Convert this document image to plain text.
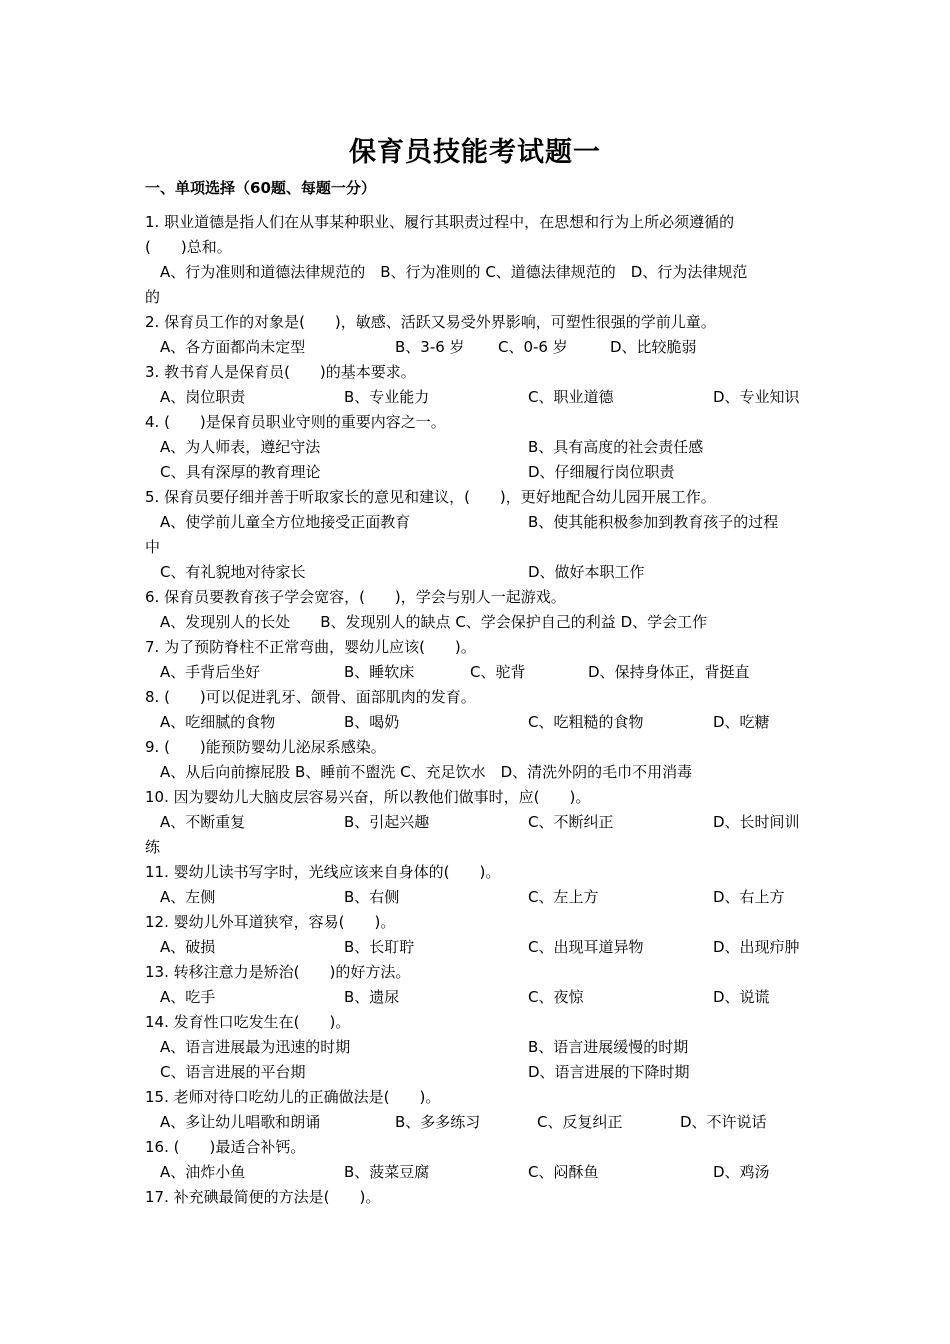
保育员技能考试题一
一、单项选择（60题、每题一分）
1. 职业道德是指人们在从事某种职业、履行其职责过程中，在思想和行为上所必须遵循的
(　　)总和。
A、行为准则和道德法律规范的　B、行为准则的 C、道德法律规范的　D、行为法律规范
的
2. 保育员工作的对象是(　　)，敏感、活跃又易受外界影响，可塑性很强的学前儿童。
A、各方面都尚未定型	B、3-6 岁 C、0-6 岁	D、比较脆弱
3. 教书育人是保育员(　　)的基本要求。
A、岗位职责	B、专业能力	C、职业道德	D、专业知识
4. (　　)是保育员职业守则的重要内容之一。
A、为人师表，遵纪守法	B、具有高度的社会责任感
C、具有深厚的教育理论	D、仔细履行岗位职责
5. 保育员要仔细并善于听取家长的意见和建议，(　　)，更好地配合幼儿园开展工作。
A、使学前儿童全方位地接受正面教育	B、使其能积极参加到教育孩子的过程
中
C、有礼貌地对待家长	D、做好本职工作
6. 保育员要教育孩子学会宽容，(　　)，学会与别人一起游戏。
A、发现别人的长处　　B、发现别人的缺点 C、学会保护自己的利益 D、学会工作
7. 为了预防脊柱不正常弯曲，婴幼儿应该(　　)。
A、手背后坐好	B、睡软床	C、驼背	D、保持身体正，背挺直
8. (　　)可以促进乳牙、颌骨、面部肌肉的发育。
A、吃细腻的食物	B、喝奶	C、吃粗糙的食物	D、吃糖
9. (　　)能预防婴幼儿泌尿系感染。
A、从后向前擦屁股 B、睡前不盥洗 C、充足饮水　D、清洗外阴的毛巾不用消毒
10. 因为婴幼儿大脑皮层容易兴奋，所以教他们做事时，应(　　)。
A、不断重复	B、引起兴趣	C、不断纠正	D、长时间训
练
11. 婴幼儿读书写字时，光线应该来自身体的(　　)。
A、左侧	B、右侧	C、左上方	D、右上方
12. 婴幼儿外耳道狭窄，容易(　　)。
A、破损	B、长耵聍	C、出现耳道异物	D、出现疖肿
13. 转移注意力是矫治(　　)的好方法。
A、吃手	B、遗尿	C、夜惊	D、说谎
14. 发育性口吃发生在(　　)。
A、语言进展最为迅速的时期	B、语言进展缓慢的时期
C、语言进展的平台期	D、语言进展的下降时期
15. 老师对待口吃幼儿的正确做法是(　　)。
A、多让幼儿唱歌和朗诵	B、多多练习	C、反复纠正	D、不许说话
16. (　　)最适合补钙。
A、油炸小鱼	B、菠菜豆腐	C、闷酥鱼	D、鸡汤
17. 补充碘最简便的方法是(　　)。
